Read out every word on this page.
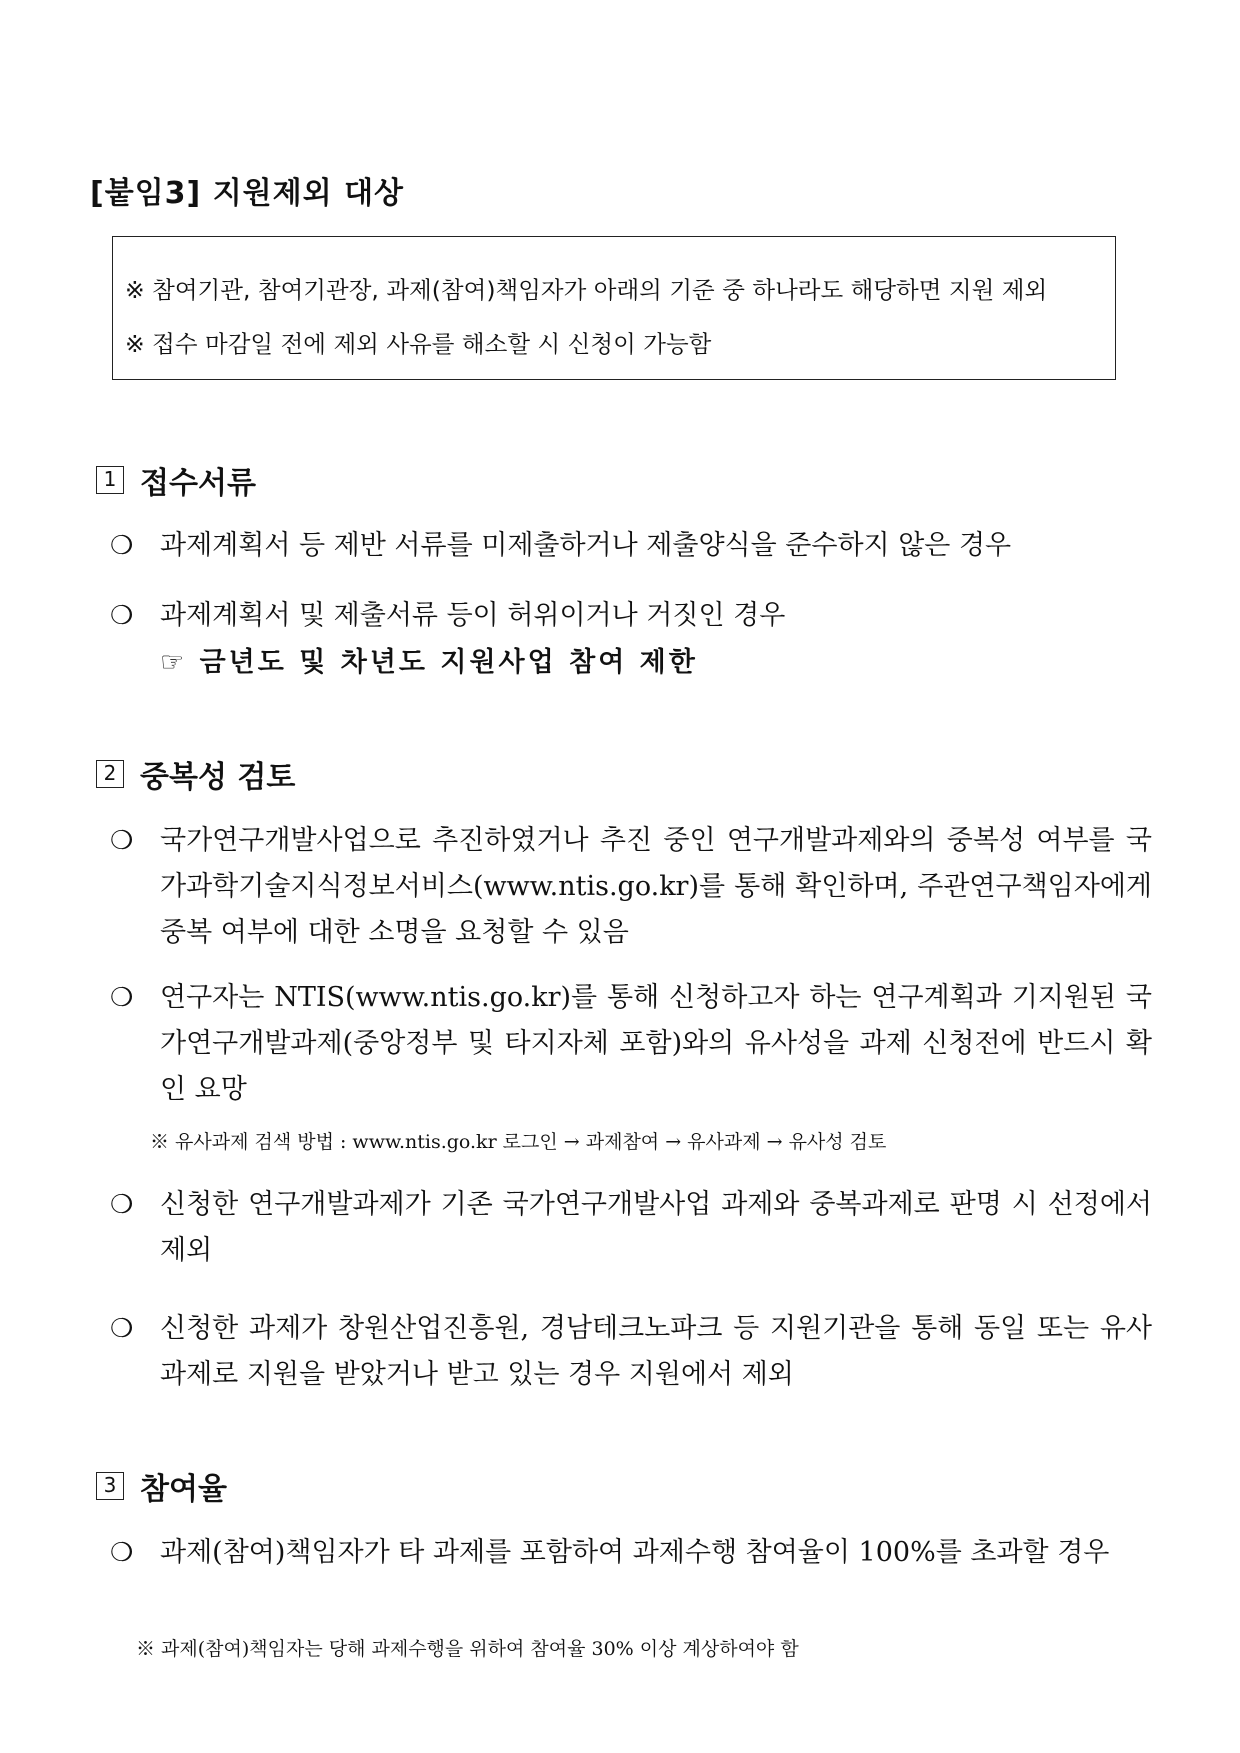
[붙임3] 지원제외 대상
※ 참여기관, 참여기관장, 과제(참여)책임자가 아래의 기준 중 하나라도 해당하면 지원 제외
※ 접수 마감일 전에 제외 사유를 해소할 시 신청이 가능함
1 접수서류
❍ 과제계획서 등 제반 서류를 미제출하거나 제출양식을 준수하지 않은 경우

❍ 과제계획서 및 제출서류 등이 허위이거나 거짓인 경우

☞ 금년도 및 차년도 지원사업 참여 제한
2 중복성 검토
❍ 국가연구개발사업으로 추진하였거나 추진 중인 연구개발과제와의 중복성 여부를 국가과학기술지식정보서비스(www.ntis.go.kr)를 통해 확인하며, 주관연구책임자에게 중복 여부에 대한 소명을 요청할 수 있음

❍ 연구자는 NTIS(www.ntis.go.kr)를 통해 신청하고자 하는 연구계획과 기지원된 국가연구개발과제(중앙정부 및 타지자체 포함)와의 유사성을 과제 신청전에 반드시 확인 요망

※ 유사과제 검색 방법 : www.ntis.go.kr 로그인 → 과제참여 → 유사과제 → 유사성 검토
❍ 신청한 연구개발과제가 기존 국가연구개발사업 과제와 중복과제로 판명 시 선정에서 제외

❍ 신청한 과제가 창원산업진흥원, 경남테크노파크 등 지원기관을 통해 동일 또는 유사과제로 지원을 받았거나 받고 있는 경우 지원에서 제외

3 참여율
❍ 과제(참여)책임자가 타 과제를 포함하여 과제수행 참여율이 100%를 초과할 경우

※ 과제(참여)책임자는 당해 과제수행을 위하여 참여율 30% 이상 계상하여야 함
